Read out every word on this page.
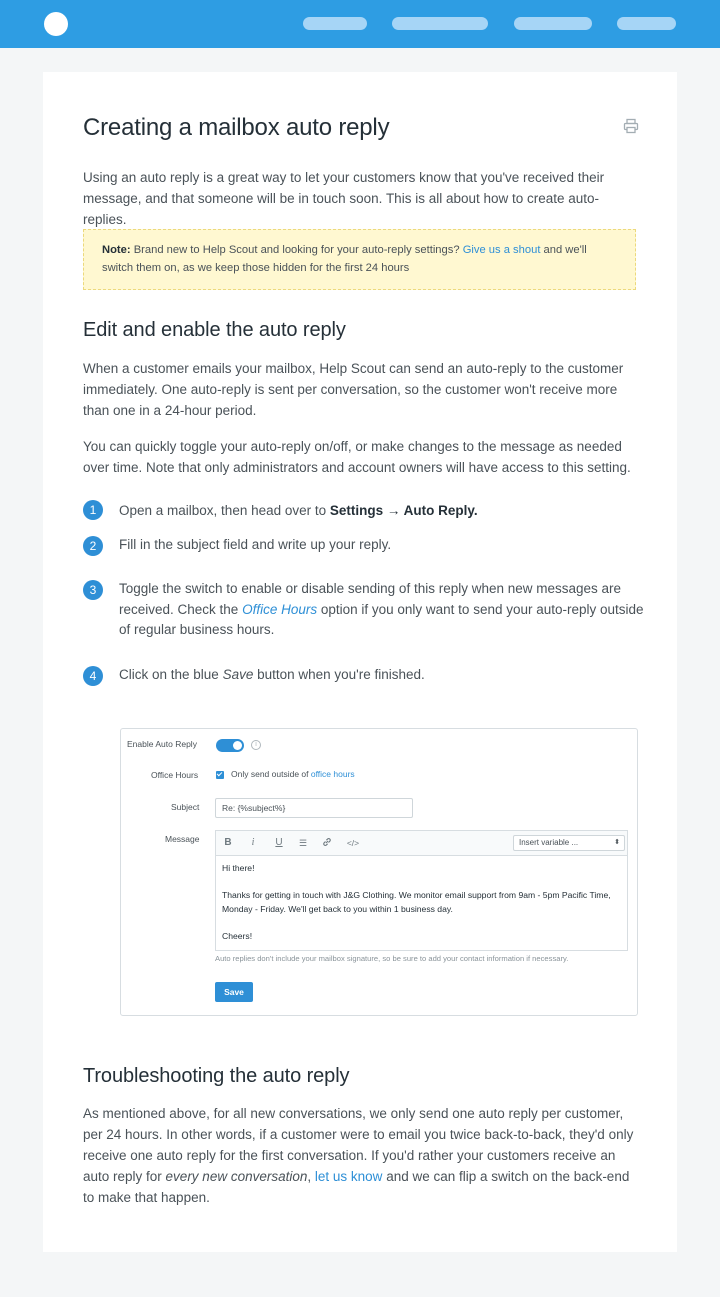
Creating a mailbox auto reply

Using an auto reply is a great way to let your customers know that you've received their message, and that someone will be in touch soon. This is all about how to create auto-replies.

Note: Brand new to Help Scout and looking for your auto-reply settings? Give us a shout and we'll switch them on, as we keep those hidden for the first 24 hours
Edit and enable the auto reply

When a customer emails your mailbox, Help Scout can send an auto-reply to the customer immediately. One auto-reply is sent per conversation, so the customer won't receive more than one in a 24-hour period.

You can quickly toggle your auto-reply on/off, or make changes to the message as needed over time. Note that only administrators and account owners will have access to this setting.

1	Open a mailbox, then head over to Settings → Auto Reply.
2	Fill in the subject field and write up your reply.
3	Toggle the switch to enable or disable sending of this reply when new messages are received. Check the Office Hours option if you only want to send your auto-reply outside of regular business hours.
4	Click on the blue Save button when you're finished.
Enable Auto Reply	i
Office Hours	Only send outside of office hours
Subject	Re: {%subject%}
Message	B	i	U	☰	</>	Insert variable ...	⬍

Hi there!

Thanks for getting in touch with J&G Clothing. We monitor email support from 9am - 5pm Pacific Time, Monday - Friday. We'll get back to you within 1 business day.

Cheers!

Auto replies don't include your mailbox signature, so be sure to add your contact information if necessary.
Save
Troubleshooting the auto reply

As mentioned above, for all new conversations, we only send one auto reply per customer, per 24 hours. In other words, if a customer were to email you twice back-to-back, they'd only receive one auto reply for the first conversation. If you'd rather your customers receive an auto reply for every new conversation, let us know and we can flip a switch on the back-end to make that happen.
